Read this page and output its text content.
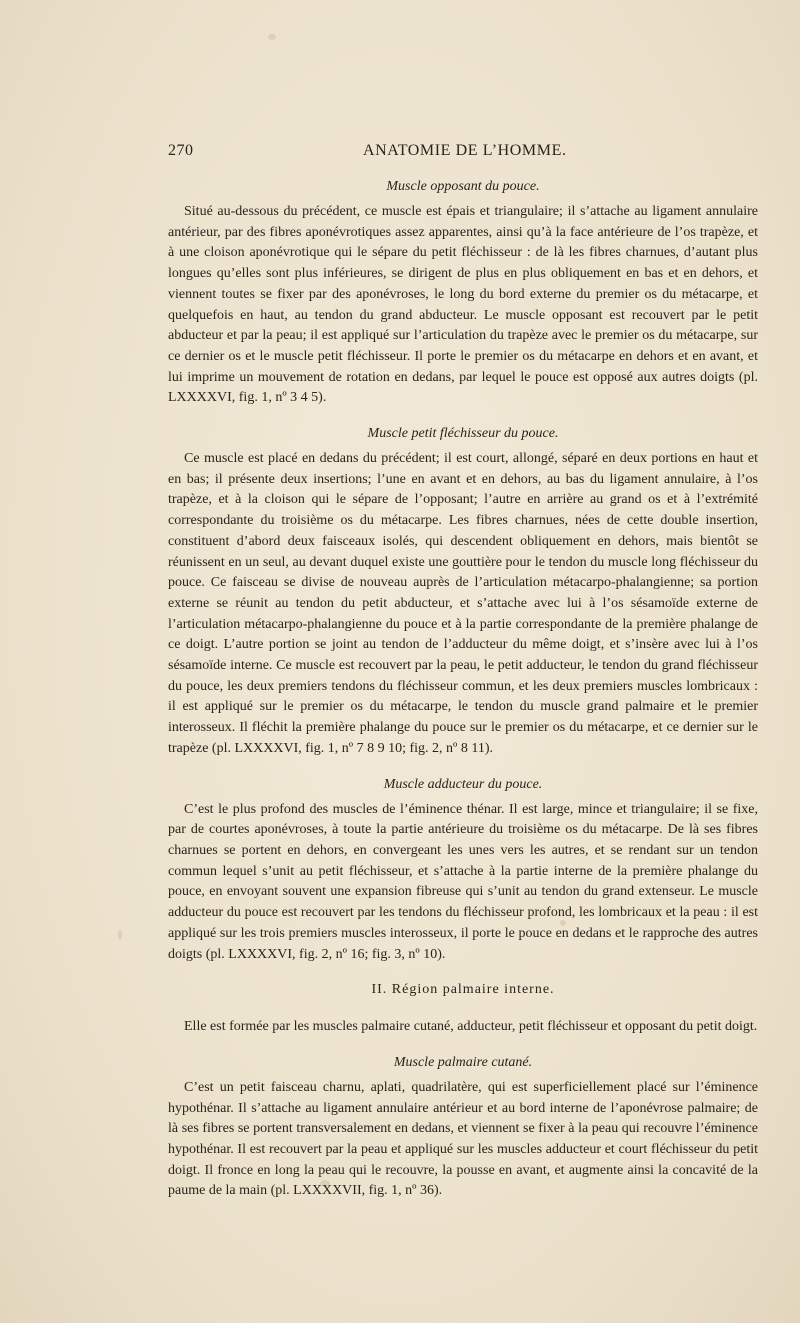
270	ANATOMIE DE L’HOMME.
Muscle opposant du pouce.

Situé au-dessous du précédent, ce muscle est épais et triangulaire; il s’attache au ligament annulaire antérieur, par des fibres aponévrotiques assez apparentes, ainsi qu’à la face antérieure de l’os trapèze, et à une cloison aponévrotique qui le sépare du petit fléchisseur : de là les fibres charnues, d’autant plus longues qu’elles sont plus inférieures, se dirigent de plus en plus obliquement en bas et en dehors, et viennent toutes se fixer par des aponévroses, le long du bord externe du premier os du métacarpe, et quelquefois en haut, au tendon du grand abducteur. Le muscle opposant est recouvert par le petit abducteur et par la peau; il est appliqué sur l’articulation du trapèze avec le premier os du métacarpe, sur ce dernier os et le muscle petit fléchisseur. Il porte le premier os du métacarpe en dehors et en avant, et lui imprime un mouvement de rotation en dedans, par lequel le pouce est opposé aux autres doigts (pl. LXXXXVI, fig. 1, nº 3 4 5).

Muscle petit fléchisseur du pouce.

Ce muscle est placé en dedans du précédent; il est court, allongé, séparé en deux portions en haut et en bas; il présente deux insertions; l’une en avant et en dehors, au bas du ligament annulaire, à l’os trapèze, et à la cloison qui le sépare de l’opposant; l’autre en arrière au grand os et à l’extrémité correspondante du troisième os du métacarpe. Les fibres charnues, nées de cette double insertion, constituent d’abord deux faisceaux isolés, qui descendent obliquement en dehors, mais bientôt se réunissent en un seul, au devant duquel existe une gouttière pour le tendon du muscle long fléchisseur du pouce. Ce faisceau se divise de nouveau auprès de l’articulation métacarpo-phalangienne; sa portion externe se réunit au tendon du petit abducteur, et s’attache avec lui à l’os sésamoïde externe de l’articulation métacarpo-phalangienne du pouce et à la partie correspondante de la première phalange de ce doigt. L’autre portion se joint au tendon de l’adducteur du même doigt, et s’insère avec lui à l’os sésamoïde interne. Ce muscle est recouvert par la peau, le petit adducteur, le tendon du grand fléchisseur du pouce, les deux premiers tendons du fléchisseur commun, et les deux premiers muscles lombricaux : il est appliqué sur le premier os du métacarpe, le tendon du muscle grand palmaire et le premier interosseux. Il fléchit la première phalange du pouce sur le premier os du métacarpe, et ce dernier sur le trapèze (pl. LXXXXVI, fig. 1, nº 7 8 9 10; fig. 2, nº 8 11).

Muscle adducteur du pouce.

C’est le plus profond des muscles de l’éminence thénar. Il est large, mince et triangulaire; il se fixe, par de courtes aponévroses, à toute la partie antérieure du troisième os du métacarpe. De là ses fibres charnues se portent en dehors, en convergeant les unes vers les autres, et se rendant sur un tendon commun lequel s’unit au petit fléchisseur, et s’attache à la partie interne de la première phalange du pouce, en envoyant souvent une expansion fibreuse qui s’unit au tendon du grand extenseur. Le muscle adducteur du pouce est recouvert par les tendons du fléchisseur profond, les lombricaux et la peau : il est appliqué sur les trois premiers muscles interosseux, il porte le pouce en dedans et le rapproche des autres doigts (pl. LXXXXVI, fig. 2, nº 16; fig. 3, nº 10).

II. Région palmaire interne.

Elle est formée par les muscles palmaire cutané, adducteur, petit fléchisseur et opposant du petit doigt.

Muscle palmaire cutané.

C’est un petit faisceau charnu, aplati, quadrilatère, qui est superficiellement placé sur l’éminence hypothénar. Il s’attache au ligament annulaire antérieur et au bord interne de l’aponévrose palmaire; de là ses fibres se portent transversalement en dedans, et viennent se fixer à la peau qui recouvre l’éminence hypothénar. Il est recouvert par la peau et appliqué sur les muscles adducteur et court fléchisseur du petit doigt. Il fronce en long la peau qui le recouvre, la pousse en avant, et augmente ainsi la concavité de la paume de la main (pl. LXXXXVII, fig. 1, nº 36).
